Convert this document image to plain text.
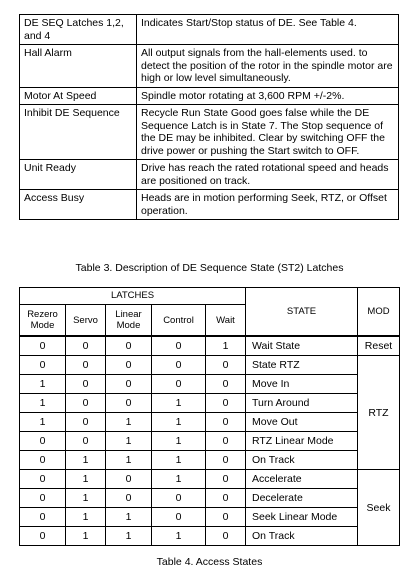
DE SEQ Latches 1,2, and 4	Indicates Start/Stop status of DE. See Table 4.
Hall Alarm	All output signals from the hall-elements used. to detect the position of the rotor in the spindle motor are high or low level simultaneously.
Motor At Speed	Spindle motor rotating at 3,600 RPM +/-2%.
Inhibit DE Sequence	Recycle Run State Good goes false while the DE Sequence Latch is in State 7. The Stop sequence of the DE may be inhibited. Clear by switching OFF the drive power or pushing the Start switch to OFF.
Unit Ready	Drive has reach the rated rotational speed and heads are positioned on track.
Access Busy	Heads are in motion performing Seek, RTZ, or Offset operation.
Table 3. Description of DE Sequence State (ST2) Latches
LATCHES					STATE	MOD
Rezero Mode	Servo	Linear Mode	Control	Wait		
0	0	0	0	1	Wait State	Reset
0	0	0	0	0	State RTZ	RTZ
1	0	0	0	0	Move In	
1	0	0	1	0	Turn Around	
1	0	1	1	0	Move Out	
0	0	1	1	0	RTZ Linear Mode	
0	1	1	1	0	On Track	
0	1	0	1	0	Accelerate	Seek
0	1	0	0	0	Decelerate	
0	1	1	0	0	Seek Linear Mode	
0	1	1	1	0	On Track	
Table 4. Access States
